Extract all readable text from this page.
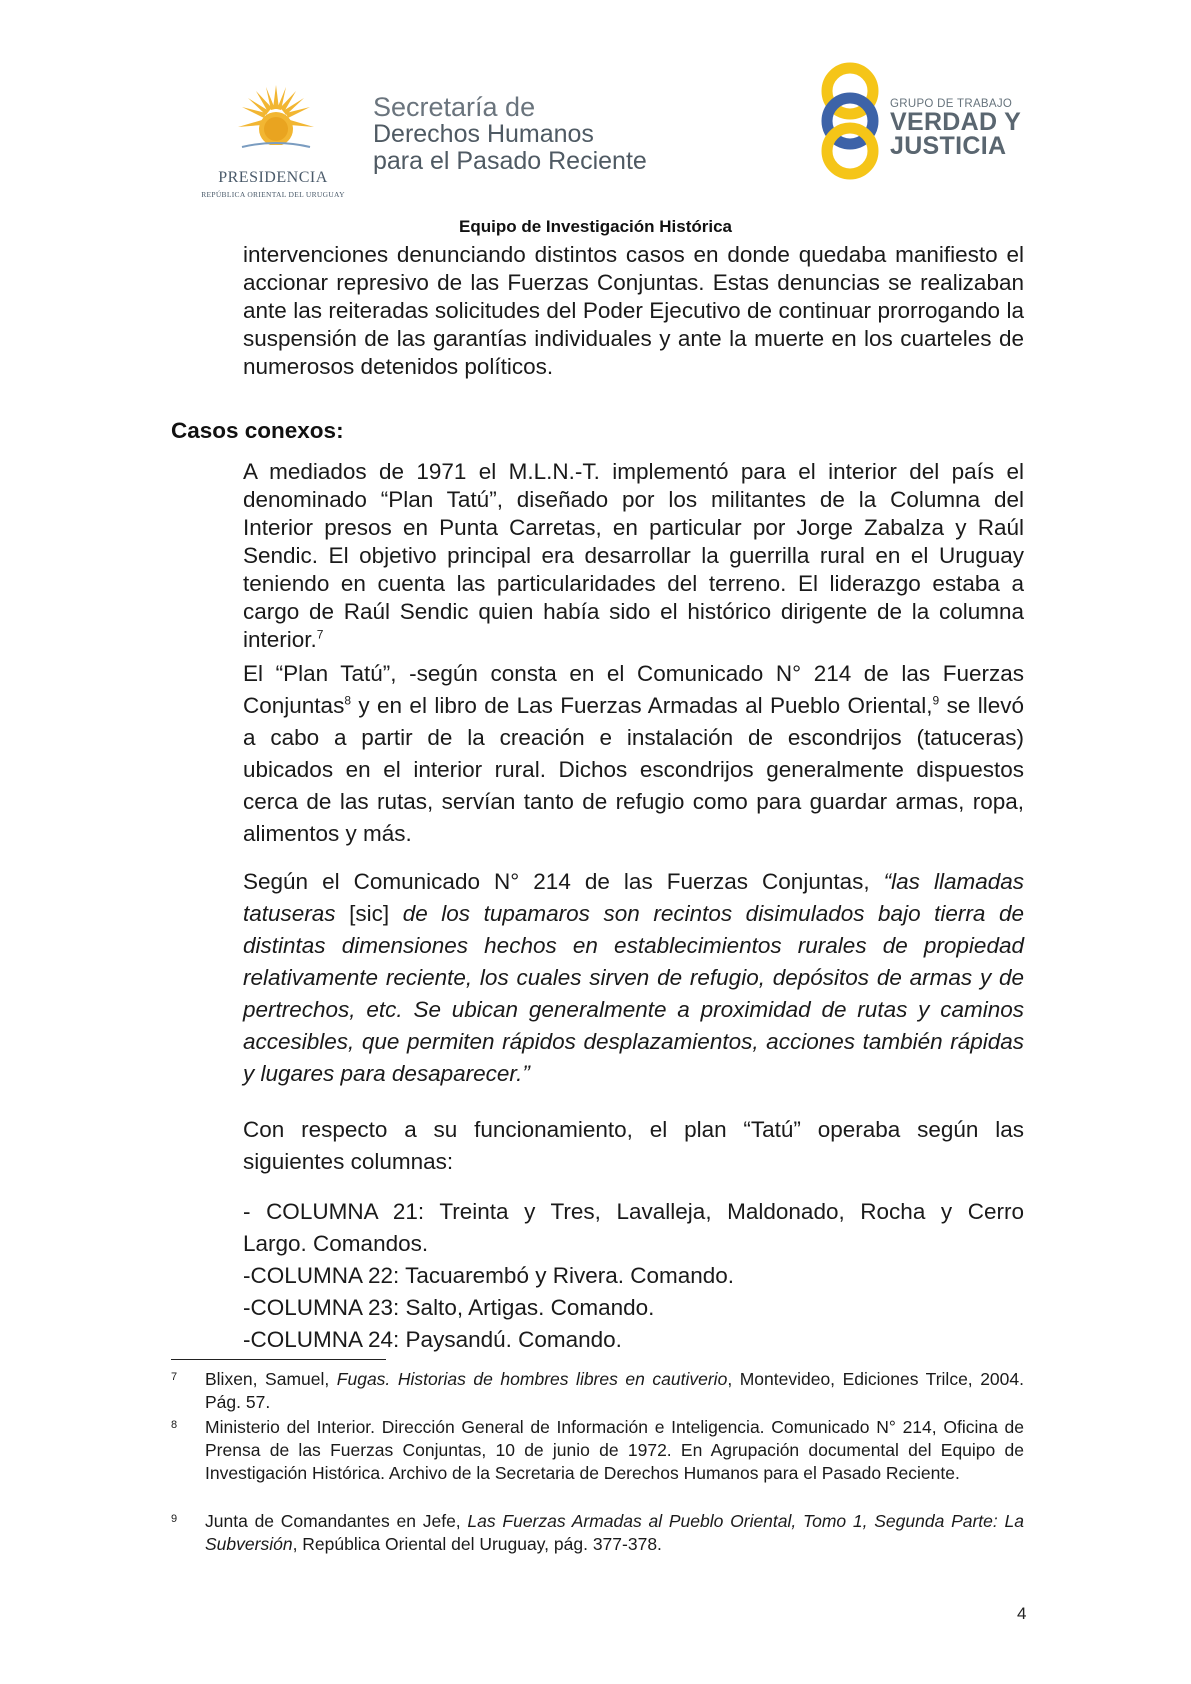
PRESIDENCIA
REPÚBLICA ORIENTAL DEL URUGUAY
Secretaría de
Derechos Humanos
para el Pasado Reciente
GRUPO DE TRABAJO
VERDAD Y
JUSTICIA
Equipo de Investigación Histórica
intervenciones denunciando distintos casos en donde quedaba manifiesto el accionar represivo de las Fuerzas Conjuntas. Estas denuncias se realizaban ante las reiteradas solicitudes del Poder Ejecutivo de continuar prorrogando la suspensión de las garantías individuales y ante la muerte en los cuarteles de numerosos detenidos políticos.
Casos conexos:
A mediados de 1971 el M.L.N.-T. implementó para el interior del país el denominado “Plan Tatú”, diseñado por los militantes de la Columna del Interior presos en Punta Carretas, en particular por Jorge Zabalza y Raúl Sendic. El objetivo principal era desarrollar la guerrilla rural en el Uruguay teniendo en cuenta las particularidades del terreno. El liderazgo estaba a cargo de Raúl Sendic quien había sido el histórico dirigente de la columna interior.$^7$
El “Plan Tatú”, -según consta en el Comunicado N° 214 de las Fuerzas Conjuntas$^8$ y en el libro de Las Fuerzas Armadas al Pueblo Oriental,$^9$ se llevó a cabo a partir de la creación e instalación de escondrijos (tatuceras) ubicados en el interior rural. Dichos escondrijos generalmente dispuestos cerca de las rutas, servían tanto de refugio como para guardar armas, ropa, alimentos y más.
Según el Comunicado N° 214 de las Fuerzas Conjuntas, “las llamadas tatuseras [sic] de los tupamaros son recintos disimulados bajo tierra de distintas dimensiones hechos en establecimientos rurales de propiedad relativamente reciente, los cuales sirven de refugio, depósitos de armas y de pertrechos, etc. Se ubican generalmente a proximidad de rutas y caminos accesibles, que permiten rápidos desplazamientos, acciones también rápidas y lugares para desaparecer.”
Con respecto a su funcionamiento, el plan “Tatú” operaba según las siguientes columnas:
- COLUMNA 21: Treinta y Tres, Lavalleja, Maldonado, Rocha y Cerro
Largo. Comandos.
-COLUMNA 22: Tacuarembó y Rivera. Comando.
-COLUMNA 23: Salto, Artigas. Comando.
-COLUMNA 24: Paysandú. Comando.
7 Blixen, Samuel, Fugas. Historias de hombres libres en cautiverio, Montevideo, Ediciones Trilce, 2004. Pág. 57.
8 Ministerio del Interior. Dirección General de Información e Inteligencia. Comunicado N° 214, Oficina de Prensa de las Fuerzas Conjuntas, 10 de junio de 1972. En Agrupación documental del Equipo de Investigación Histórica. Archivo de la Secretaria de Derechos Humanos para el Pasado Reciente.
9 Junta de Comandantes en Jefe, Las Fuerzas Armadas al Pueblo Oriental, Tomo 1, Segunda Parte: La Subversión, República Oriental del Uruguay, pág. 377-378.
4
